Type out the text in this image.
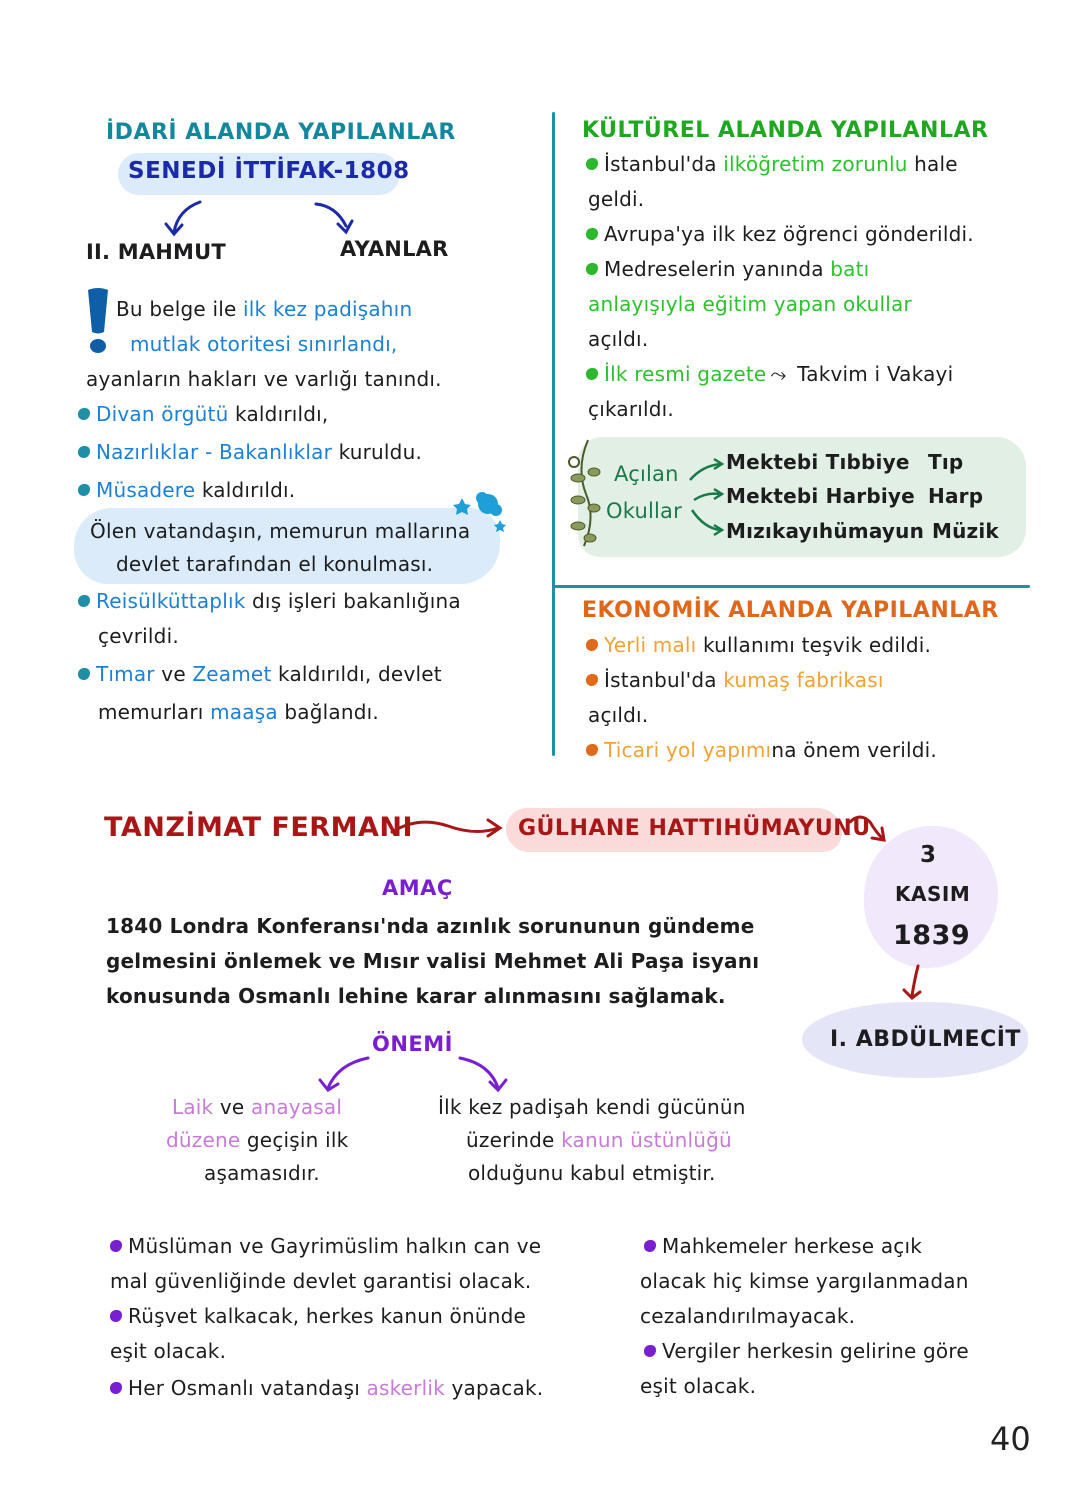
İDARİ ALANDA YAPILANLAR
SENEDİ İTTİFAK-1808
II. MAHMUT	AYANLAR
Bu belge ile ilk kez padişahın
mutlak otoritesi sınırlandı,
ayanların hakları ve varlığı tanındı.
Divan örgütü kaldırıldı,
Nazırlıklar - Bakanlıklar kuruldu.
Müsadere kaldırıldı.
Ölen vatandaşın, memurun mallarına
devlet tarafından el konulması.
Reisülküttaplık dış işleri bakanlığına
çevrildi.
Tımar ve Zeamet kaldırıldı, devlet
memurları maaşa bağlandı.
KÜLTÜREL ALANDA YAPILANLAR
İstanbul'da ilköğretim zorunlu hale
geldi.
Avrupa'ya ilk kez öğrenci gönderildi.
Medreselerin yanında batı
anlayışıyla eğitim yapan okullar
açıldı.
İlk resmi gazete ⤳ Takvim i Vakayi
çıkarıldı.
Açılan
Okullar
Mektebi Tıbbiye Tıp
Mektebi Harbiye Harp
Mızıkayıhümayun Müzik
EKONOMİK ALANDA YAPILANLAR
Yerli malı kullanımı teşvik edildi.
İstanbul'da kumaş fabrikası
açıldı.
Ticari yol yapımına önem verildi.
TANZİMAT FERMANI	GÜLHANE HATTIHÜMAYUNU
3
KASIM
1839
I. ABDÜLMECİT
AMAÇ
1840 Londra Konferansı'nda azınlık sorununun gündeme
gelmesini önlemek ve Mısır valisi Mehmet Ali Paşa isyanı
konusunda Osmanlı lehine karar alınmasını sağlamak.
ÖNEMİ
Laik ve anayasal
düzene geçişin ilk
aşamasıdır.
İlk kez padişah kendi gücünün
üzerinde kanun üstünlüğü
olduğunu kabul etmiştir.
Müslüman ve Gayrimüslim halkın can ve
mal güvenliğinde devlet garantisi olacak.
Rüşvet kalkacak, herkes kanun önünde
eşit olacak.
Her Osmanlı vatandaşı askerlik yapacak.
Mahkemeler herkese açık
olacak hiç kimse yargılanmadan
cezalandırılmayacak.
Vergiler herkesin gelirine göre
eşit olacak.
40
